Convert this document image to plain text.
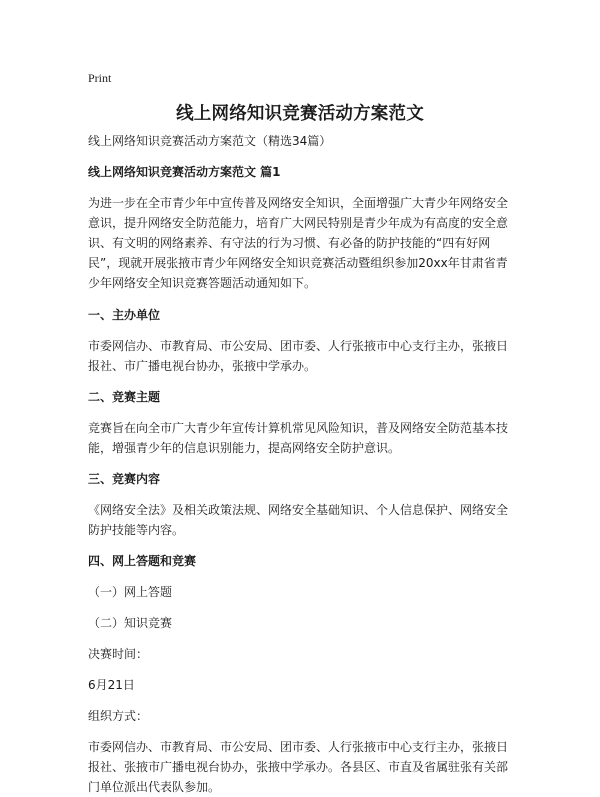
Print
线上网络知识竞赛活动方案范文

线上网络知识竞赛活动方案范文（精选34篇）

线上网络知识竞赛活动方案范文 篇1

为进一步在全市青少年中宣传普及网络安全知识，全面增强广大青少年网络安全意识，提升网络安全防范能力，培育广大网民特别是青少年成为有高度的安全意识、有文明的网络素养、有守法的行为习惯、有必备的防护技能的“四有好网民”，现就开展张掖市青少年网络安全知识竞赛活动暨组织参加20xx年甘肃省青少年网络安全知识竞赛答题活动通知如下。

一、主办单位

市委网信办、市教育局、市公安局、团市委、人行张掖市中心支行主办，张掖日报社、市广播电视台协办，张掖中学承办。

二、竞赛主题

竞赛旨在向全市广大青少年宣传计算机常见风险知识，普及网络安全防范基本技能，增强青少年的信息识别能力，提高网络安全防护意识。

三、竞赛内容

《网络安全法》及相关政策法规、网络安全基础知识、个人信息保护、网络安全防护技能等内容。

四、网上答题和竞赛

（一）网上答题

（二）知识竞赛

决赛时间：

6月21日

组织方式：

市委网信办、市教育局、市公安局、团市委、人行张掖市中心支行主办，张掖日报社、张掖市广播电视台协办，张掖中学承办。各县区、市直及省属驻张有关部门单位派出代表队参加。
